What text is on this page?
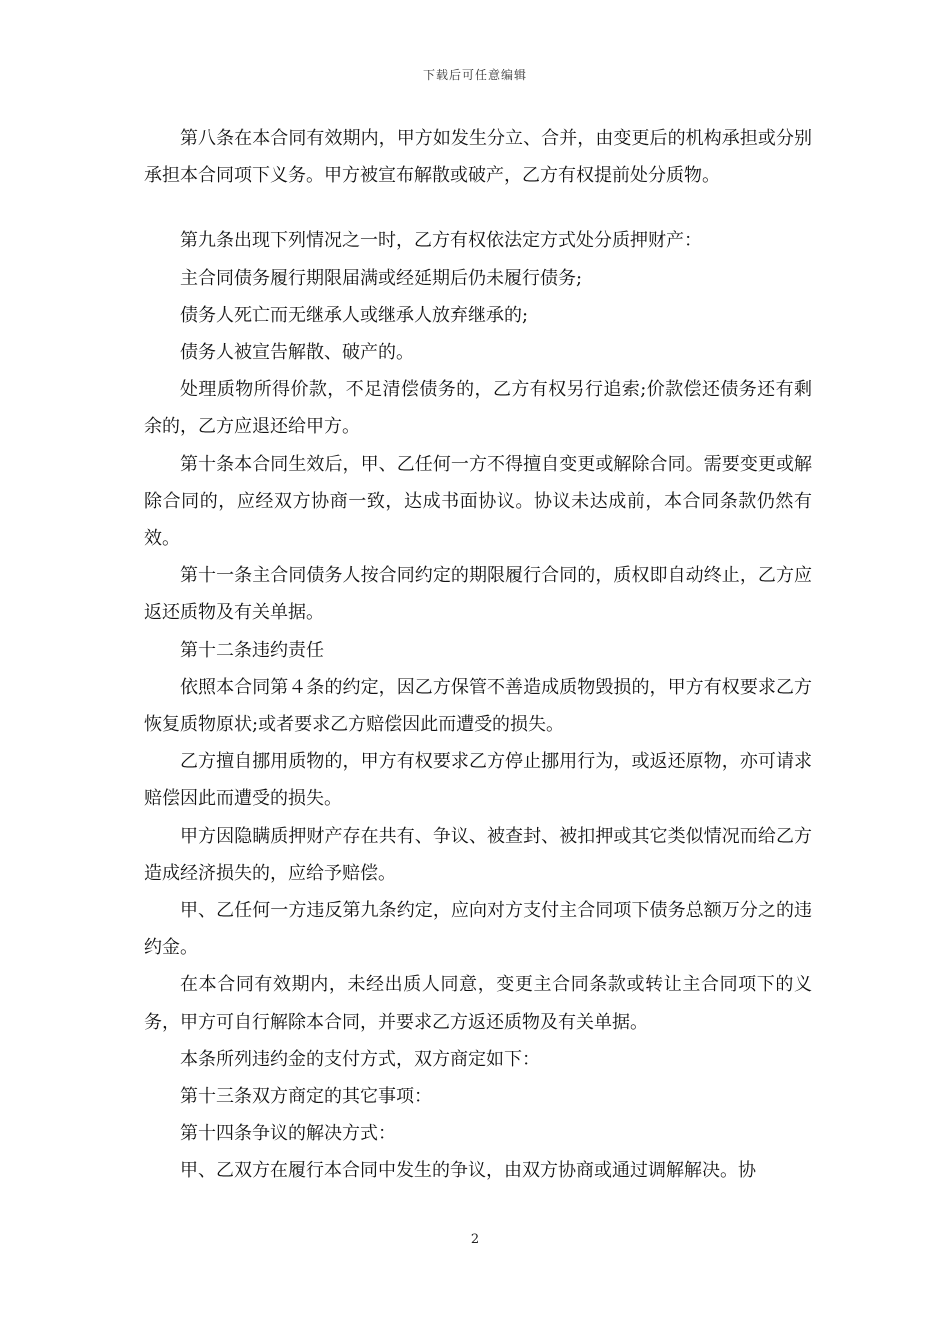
下载后可任意编辑

第八条在本合同有效期内，甲方如发生分立、合并，由变更后的机构承担或分别承担本合同项下义务。甲方被宣布解散或破产，乙方有权提前处分质物。

第九条出现下列情况之一时，乙方有权依法定方式处分质押财产：

主合同债务履行期限届满或经延期后仍未履行债务;

债务人死亡而无继承人或继承人放弃继承的;

债务人被宣告解散、破产的。

处理质物所得价款，不足清偿债务的，乙方有权另行追索;价款偿还债务还有剩余的，乙方应退还给甲方。

第十条本合同生效后，甲、乙任何一方不得擅自变更或解除合同。需要变更或解除合同的，应经双方协商一致，达成书面协议。协议未达成前，本合同条款仍然有效。

第十一条主合同债务人按合同约定的期限履行合同的，质权即自动终止，乙方应返还质物及有关单据。

第十二条违约责任

依照本合同第４条的约定，因乙方保管不善造成质物毁损的，甲方有权要求乙方恢复质物原状;或者要求乙方赔偿因此而遭受的损失。

乙方擅自挪用质物的，甲方有权要求乙方停止挪用行为，或返还原物，亦可请求赔偿因此而遭受的损失。

甲方因隐瞒质押财产存在共有、争议、被查封、被扣押或其它类似情况而给乙方造成经济损失的，应给予赔偿。

甲、乙任何一方违反第九条约定，应向对方支付主合同项下债务总额万分之的违约金。

在本合同有效期内，未经出质人同意，变更主合同条款或转让主合同项下的义务，甲方可自行解除本合同，并要求乙方返还质物及有关单据。

本条所列违约金的支付方式，双方商定如下：

第十三条双方商定的其它事项：

第十四条争议的解决方式：

甲、乙双方在履行本合同中发生的争议，由双方协商或通过调解解决。协

2
